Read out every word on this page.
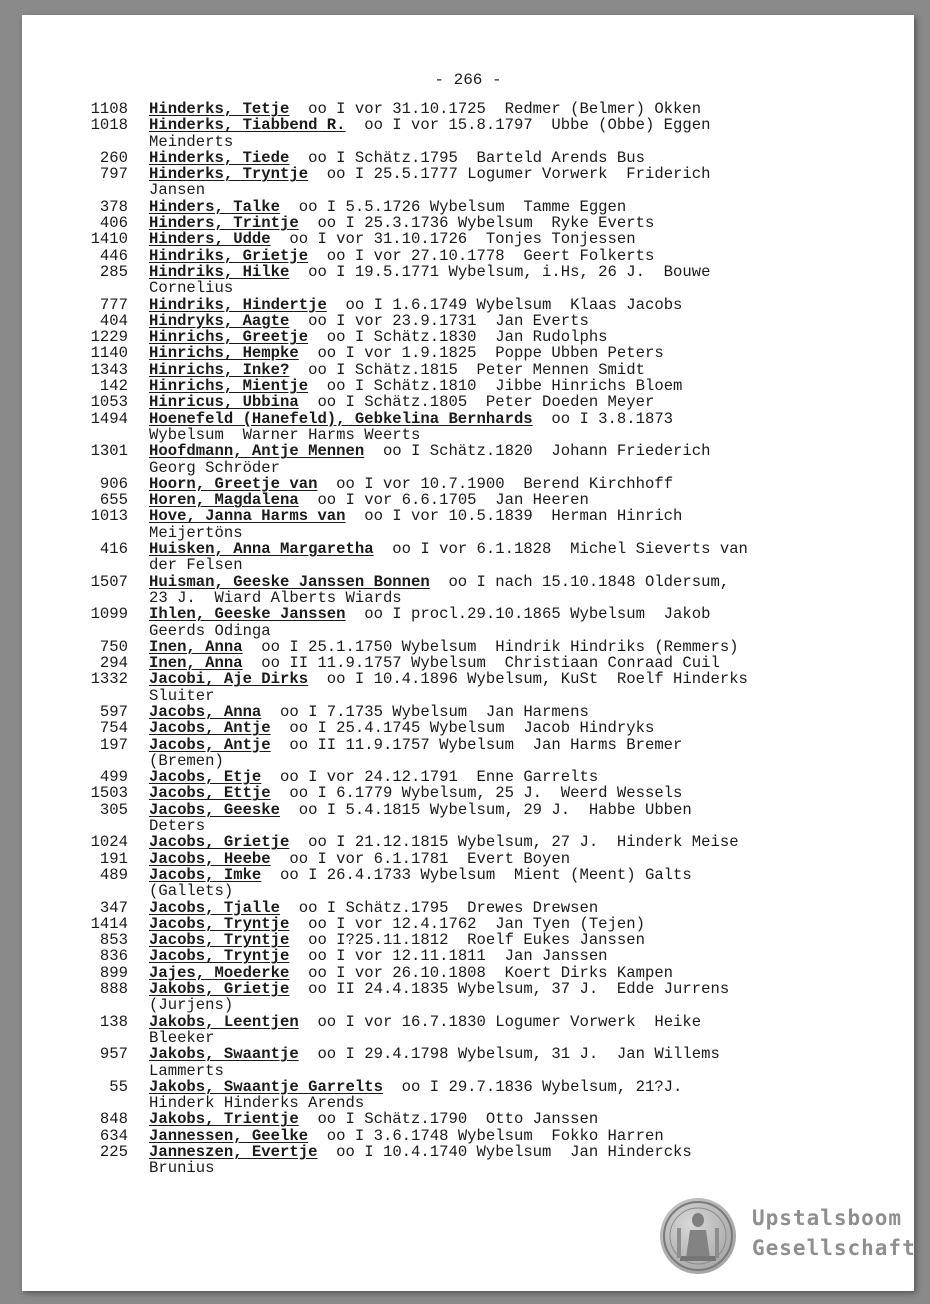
- 266 -
1108 Hinderks, Tetje  oo I vor 31.10.1725  Redmer (Belmer) Okken
1018 Hinderks, Tiabbend R.  oo I vor 15.8.1797  Ubbe (Obbe) Eggen
Meinderts
260 Hinderks, Tiede  oo I Schätz.1795  Barteld Arends Bus
797 Hinderks, Tryntje  oo I 25.5.1777 Logumer Vorwerk  Friderich
Jansen
378 Hinders, Talke  oo I 5.5.1726 Wybelsum  Tamme Eggen
406 Hinders, Trintje  oo I 25.3.1736 Wybelsum  Ryke Everts
1410 Hinders, Udde  oo I vor 31.10.1726  Tonjes Tonjessen
446 Hindriks, Grietje  oo I vor 27.10.1778  Geert Folkerts
285 Hindriks, Hilke  oo I 19.5.1771 Wybelsum, i.Hs, 26 J.  Bouwe
Cornelius
777 Hindriks, Hindertje  oo I 1.6.1749 Wybelsum  Klaas Jacobs
404 Hindryks, Aagte  oo I vor 23.9.1731  Jan Everts
1229 Hinrichs, Greetje  oo I Schätz.1830  Jan Rudolphs
1140 Hinrichs, Hempke  oo I vor 1.9.1825  Poppe Ubben Peters
1343 Hinrichs, Inke?  oo I Schätz.1815  Peter Mennen Smidt
142 Hinrichs, Mientje  oo I Schätz.1810  Jibbe Hinrichs Bloem
1053 Hinricus, Ubbina  oo I Schätz.1805  Peter Doeden Meyer
1494 Hoenefeld (Hanefeld), Gebkelina Bernhards  oo I 3.8.1873
Wybelsum  Warner Harms Weerts
1301 Hoofdmann, Antje Mennen  oo I Schätz.1820  Johann Friederich
Georg Schröder
906 Hoorn, Greetje van  oo I vor 10.7.1900  Berend Kirchhoff
655 Horen, Magdalena  oo I vor 6.6.1705  Jan Heeren
1013 Hove, Janna Harms van  oo I vor 10.5.1839  Herman Hinrich
Meijertöns
416 Huisken, Anna Margaretha  oo I vor 6.1.1828  Michel Sieverts van
der Felsen
1507 Huisman, Geeske Janssen Bonnen  oo I nach 15.10.1848 Oldersum,
23 J.  Wiard Alberts Wiards
1099 Ihlen, Geeske Janssen  oo I procl.29.10.1865 Wybelsum  Jakob
Geerds Odinga
750 Inen, Anna  oo I 25.1.1750 Wybelsum  Hindrik Hindriks (Remmers)
294 Inen, Anna  oo II 11.9.1757 Wybelsum  Christiaan Conraad Cuil
1332 Jacobi, Aje Dirks  oo I 10.4.1896 Wybelsum, KuSt  Roelf Hinderks
Sluiter
597 Jacobs, Anna  oo I 7.1735 Wybelsum  Jan Harmens
754 Jacobs, Antje  oo I 25.4.1745 Wybelsum  Jacob Hindryks
197 Jacobs, Antje  oo II 11.9.1757 Wybelsum  Jan Harms Bremer
(Bremen)
499 Jacobs, Etje  oo I vor 24.12.1791  Enne Garrelts
1503 Jacobs, Ettje  oo I 6.1779 Wybelsum, 25 J.  Weerd Wessels
305 Jacobs, Geeske  oo I 5.4.1815 Wybelsum, 29 J.  Habbe Ubben
Deters
1024 Jacobs, Grietje  oo I 21.12.1815 Wybelsum, 27 J.  Hinderk Meise
191 Jacobs, Heebe  oo I vor 6.1.1781  Evert Boyen
489 Jacobs, Imke  oo I 26.4.1733 Wybelsum  Mient (Meent) Galts
(Gallets)
347 Jacobs, Tjalle  oo I Schätz.1795  Drewes Drewsen
1414 Jacobs, Tryntje  oo I vor 12.4.1762  Jan Tyen (Tejen)
853 Jacobs, Tryntje  oo I?25.11.1812  Roelf Eukes Janssen
836 Jacobs, Tryntje  oo I vor 12.11.1811  Jan Janssen
899 Jajes, Moederke  oo I vor 26.10.1808  Koert Dirks Kampen
888 Jakobs, Grietje  oo II 24.4.1835 Wybelsum, 37 J.  Edde Jurrens
(Jurjens)
138 Jakobs, Leentjen  oo I vor 16.7.1830 Logumer Vorwerk  Heike
Bleeker
957 Jakobs, Swaantje  oo I 29.4.1798 Wybelsum, 31 J.  Jan Willems
Lammerts
55 Jakobs, Swaantje Garrelts  oo I 29.7.1836 Wybelsum, 21?J.
Hinderk Hinderks Arends
848 Jakobs, Trientje  oo I Schätz.1790  Otto Janssen
634 Jannessen, Geelke  oo I 3.6.1748 Wybelsum  Fokko Harren
225 Janneszen, Evertje  oo I 10.4.1740 Wybelsum  Jan Hindercks
Brunius
Upstalsboom
Gesellschaft
